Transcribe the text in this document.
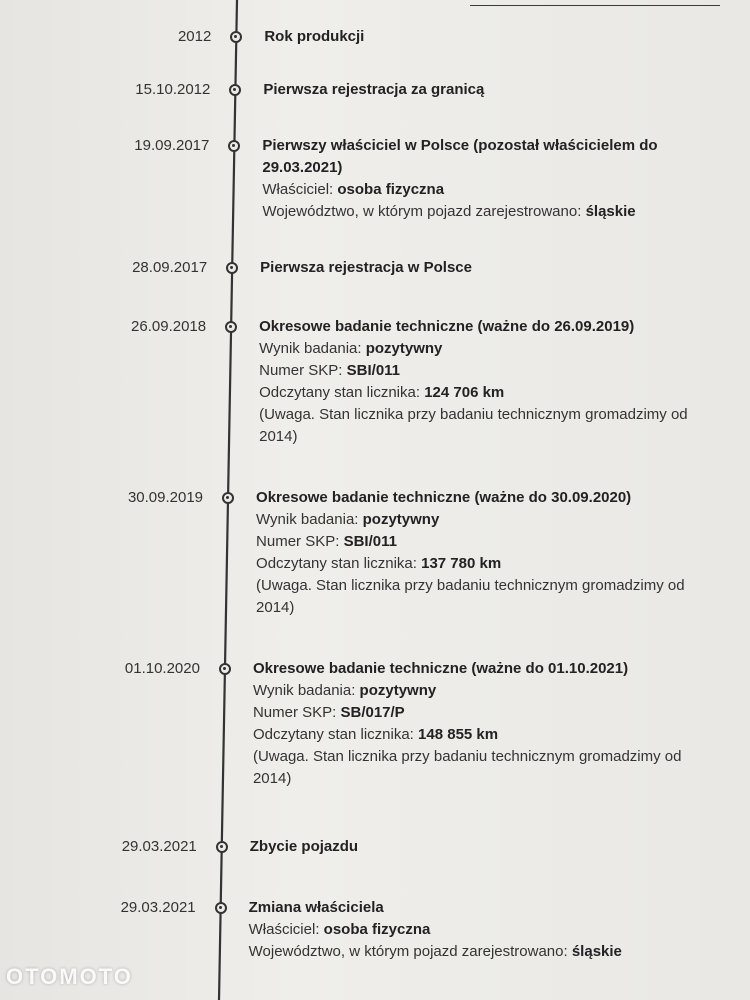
2012	Rok produkcji
15.10.2012	Pierwsza rejestracja za granicą
19.09.2017	Pierwszy właściciel w Polsce (pozostał właścicielem do 29.03.2021)
Właściciel: osoba fizyczna
Województwo, w którym pojazd zarejestrowano: śląskie
28.09.2017	Pierwsza rejestracja w Polsce
26.09.2018	Okresowe badanie techniczne (ważne do 26.09.2019)
Wynik badania: pozytywny
Numer SKP: SBI/011
Odczytany stan licznika: 124 706 km
(Uwaga. Stan licznika przy badaniu technicznym gromadzimy od 2014)
30.09.2019	Okresowe badanie techniczne (ważne do 30.09.2020)
Wynik badania: pozytywny
Numer SKP: SBI/011
Odczytany stan licznika: 137 780 km
(Uwaga. Stan licznika przy badaniu technicznym gromadzimy od 2014)
01.10.2020	Okresowe badanie techniczne (ważne do 01.10.2021)
Wynik badania: pozytywny
Numer SKP: SB/017/P
Odczytany stan licznika: 148 855 km
(Uwaga. Stan licznika przy badaniu technicznym gromadzimy od 2014)
29.03.2021	Zbycie pojazdu
29.03.2021	Zmiana właściciela
Właściciel: osoba fizyczna
Województwo, w którym pojazd zarejestrowano: śląskie
OTOMOTO
